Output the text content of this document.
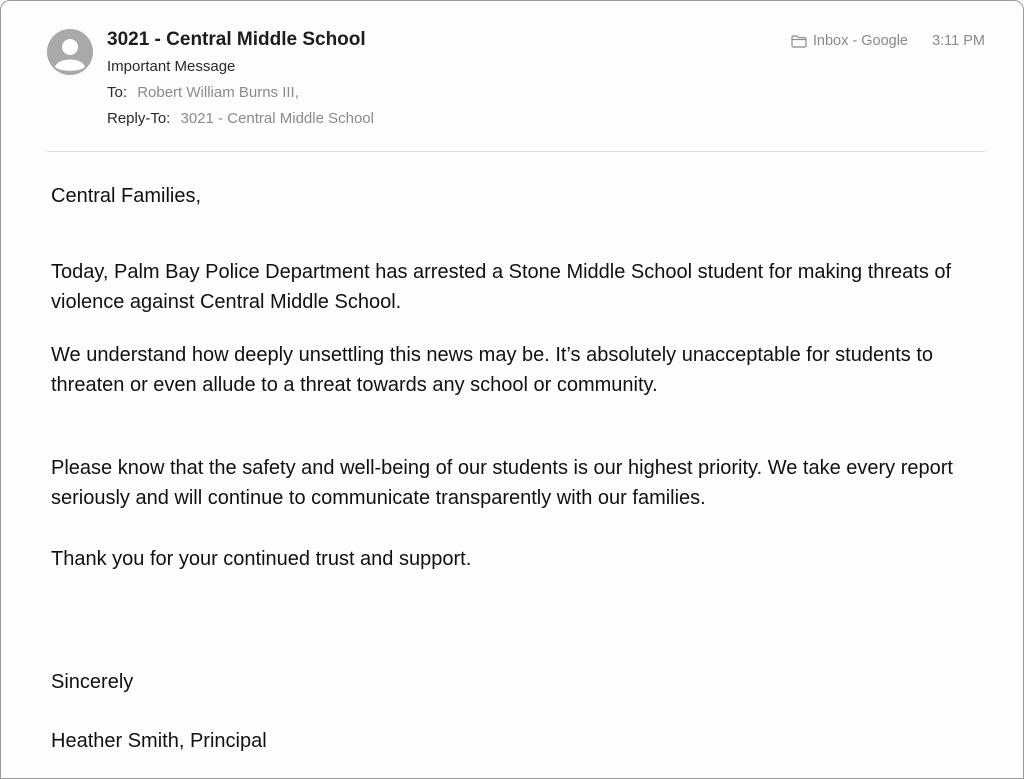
3021 - Central Middle School
Important Message
To: Robert William Burns III,
Reply-To: 3021 - Central Middle School
Inbox - Google 3:11 PM

Central Families,

Today, Palm Bay Police Department has arrested a Stone Middle School student for making threats of violence against Central Middle School.

We understand how deeply unsettling this news may be. It’s absolutely unacceptable for students to threaten or even allude to a threat towards any school or community.

Please know that the safety and well-being of our students is our highest priority. We take every report seriously and will continue to communicate transparently with our families.

Thank you for your continued trust and support.

Sincerely

Heather Smith, Principal
